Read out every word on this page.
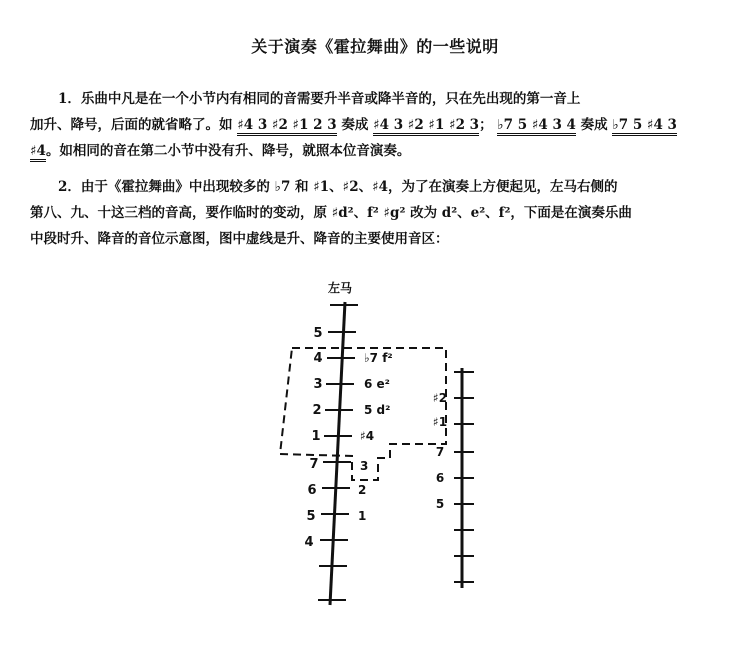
关于演奏《霍拉舞曲》的一些说明
1．乐曲中凡是在一个小节内有相同的音需要升半音或降半音的，只在先出现的第一音上
加升、降号，后面的就省略了。如 ♯4 3 ♯2 ♯1 2 3 奏成 ♯4 3 ♯2 ♯1 ♯2 3； ♭7 5 ♯4 3 4 奏成 ♭7 5 ♯4 3
♯4。如相同的音在第二小节中没有升、降号，就照本位音演奏。
2．由于《霍拉舞曲》中出现较多的 ♭7 和 ♯1、♯2、♯4，为了在演奏上方便起见，左马右侧的
第八、九、十这三档的音高，要作临时的变动，原 ♯d²、f² ♯g² 改为 d²、e²、f²，下面是在演奏乐曲
中段时升、降音的音位示意图，图中虚线是升、降音的主要使用音区：
左马
5
4
3
2
1
7
6
5
4
♭7 f²
6 e²
5 d²
♯4
3
2
1
♯2
♯1
7
6
5
